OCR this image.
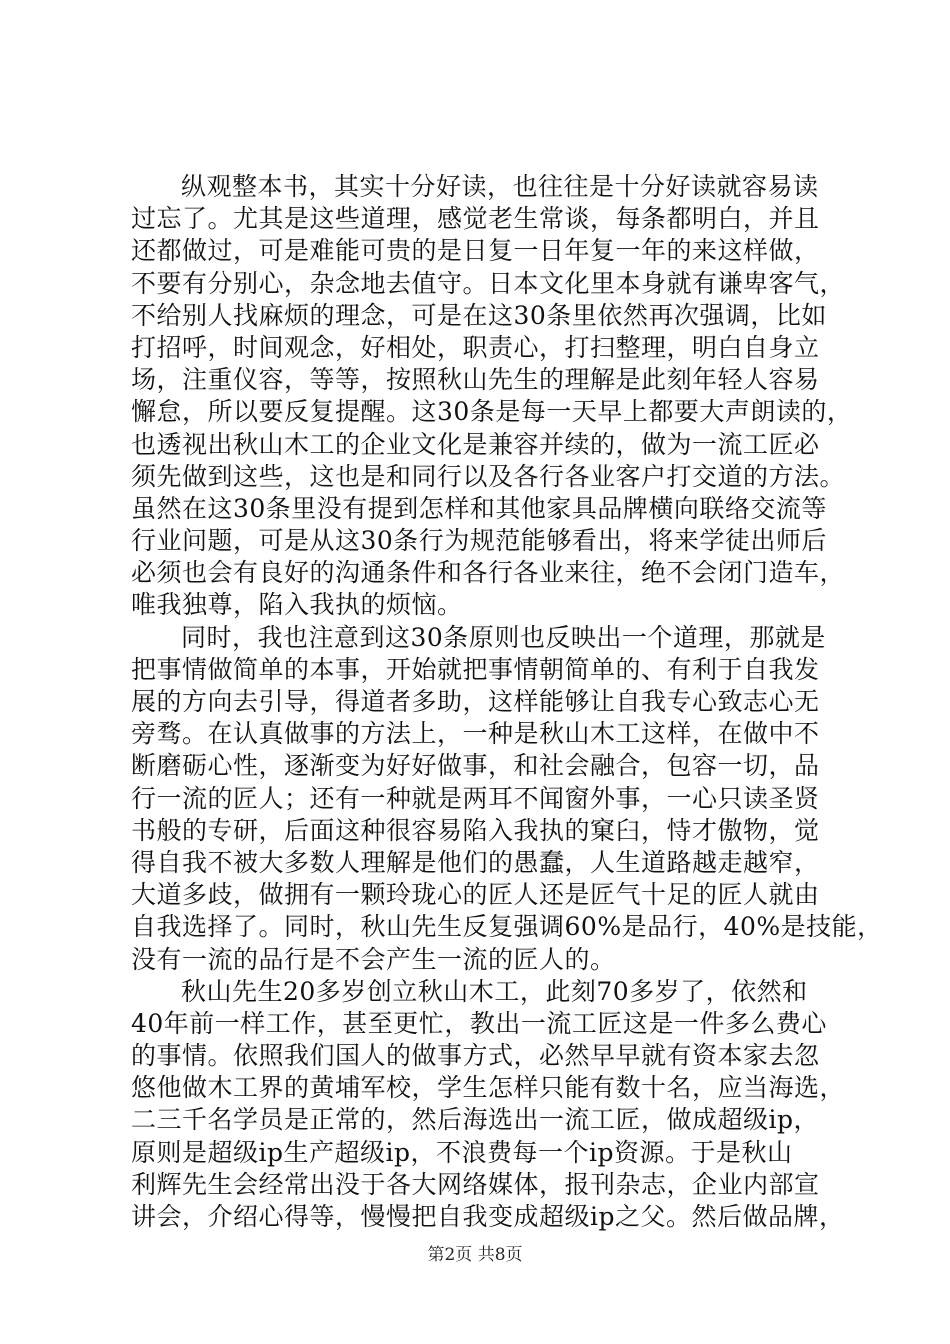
纵观整本书，其实十分好读，也往往是十分好读就容易读
过忘了。尤其是这些道理，感觉老生常谈，每条都明白，并且
还都做过，可是难能可贵的是日复一日年复一年的来这样做，
不要有分别心，杂念地去值守。日本文化里本身就有谦卑客气，
不给别人找麻烦的理念，可是在这30条里依然再次强调，比如
打招呼，时间观念，好相处，职责心，打扫整理，明白自身立
场，注重仪容，等等，按照秋山先生的理解是此刻年轻人容易
懈怠，所以要反复提醒。这30条是每一天早上都要大声朗读的，
也透视出秋山木工的企业文化是兼容并续的，做为一流工匠必
须先做到这些，这也是和同行以及各行各业客户打交道的方法。
虽然在这30条里没有提到怎样和其他家具品牌横向联络交流等
行业问题，可是从这30条行为规范能够看出，将来学徒出师后
必须也会有良好的沟通条件和各行各业来往，绝不会闭门造车，
唯我独尊，陷入我执的烦恼。
同时，我也注意到这30条原则也反映出一个道理，那就是
把事情做简单的本事，开始就把事情朝简单的、有利于自我发
展的方向去引导，得道者多助，这样能够让自我专心致志心无
旁骛。在认真做事的方法上，一种是秋山木工这样，在做中不
断磨砺心性，逐渐变为好好做事，和社会融合，包容一切，品
行一流的匠人；还有一种就是两耳不闻窗外事，一心只读圣贤
书般的专研，后面这种很容易陷入我执的窠臼，恃才傲物，觉
得自我不被大多数人理解是他们的愚蠢，人生道路越走越窄，
大道多歧，做拥有一颗玲珑心的匠人还是匠气十足的匠人就由
自我选择了。同时，秋山先生反复强调60%是品行，40%是技能，
没有一流的品行是不会产生一流的匠人的。
秋山先生20多岁创立秋山木工，此刻70多岁了，依然和
40年前一样工作，甚至更忙，教出一流工匠这是一件多么费心
的事情。依照我们国人的做事方式，必然早早就有资本家去忽
悠他做木工界的黄埔军校，学生怎样只能有数十名，应当海选，
二三千名学员是正常的，然后海选出一流工匠，做成超级ip，
原则是超级ip生产超级ip，不浪费每一个ip资源。于是秋山
利辉先生会经常出没于各大网络媒体，报刊杂志，企业内部宣
讲会，介绍心得等，慢慢把自我变成超级ip之父。然后做品牌，
第2页 共8页
